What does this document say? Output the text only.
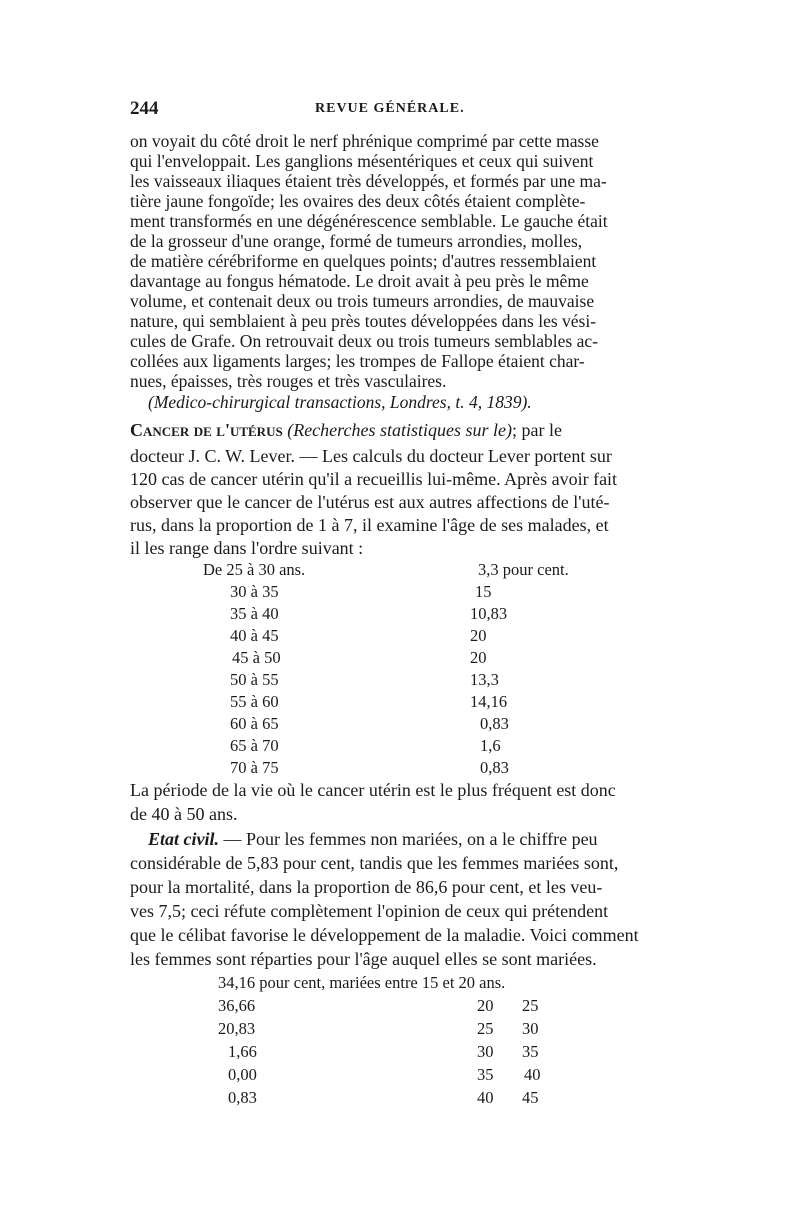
244	REVUE GÉNÉRALE.
on voyait du côté droit le nerf phrénique comprimé par cette masse
qui l'enveloppait. Les ganglions mésentériques et ceux qui suivent
les vaisseaux iliaques étaient très développés, et formés par une ma-
tière jaune fongoïde; les ovaires des deux côtés étaient complète-
ment transformés en une dégénérescence semblable. Le gauche était
de la grosseur d'une orange, formé de tumeurs arrondies, molles,
de matière cérébriforme en quelques points; d'autres ressemblaient
davantage au fongus hématode. Le droit avait à peu près le même
volume, et contenait deux ou trois tumeurs arrondies, de mauvaise
nature, qui semblaient à peu près toutes développées dans les vési-
cules de Grafe. On retrouvait deux ou trois tumeurs semblables ac-
collées aux ligaments larges; les trompes de Fallope étaient char-
nues, épaisses, très rouges et très vasculaires.
(Medico-chirurgical transactions, Londres, t. 4, 1839).
Cancer de l'utérus (Recherches statistiques sur le); par le
docteur J. C. W. Lever. — Les calculs du docteur Lever portent sur
120 cas de cancer utérin qu'il a recueillis lui-même. Après avoir fait
observer que le cancer de l'utérus est aux autres affections de l'uté-
rus, dans la proportion de 1 à 7, il examine l'âge de ses malades, et
il les range dans l'ordre suivant :
De 25 à 30 ans.	3,3 pour cent.
30 à 35	15
35 à 40	10,83
40 à 45	20
45 à 50	20
50 à 55	13,3
55 à 60	14,16
60 à 65	0,83
65 à 70	1,6
70 à 75	0,83
La période de la vie où le cancer utérin est le plus fréquent est donc
de 40 à 50 ans.
Etat civil. — Pour les femmes non mariées, on a le chiffre peu
considérable de 5,83 pour cent, tandis que les femmes mariées sont,
pour la mortalité, dans la proportion de 86,6 pour cent, et les veu-
ves 7,5; ceci réfute complètement l'opinion de ceux qui prétendent
que le célibat favorise le développement de la maladie. Voici comment
les femmes sont réparties pour l'âge auquel elles se sont mariées.
34,16 pour cent, mariées entre 15 et 20 ans.
36,66	20 25
20,83	25 30
1,66	30 35
0,00	35 40
0,83	40 45
